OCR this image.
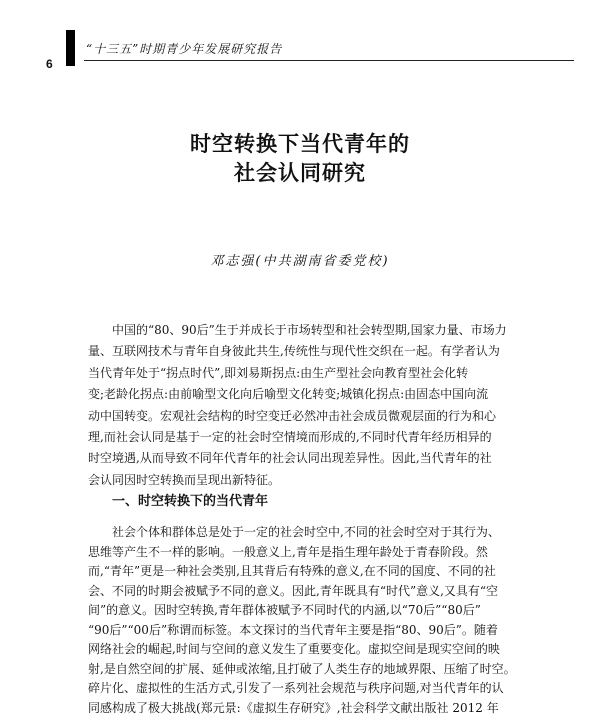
“十三五”时期青少年发展研究报告
6
时空转换下当代青年的
社会认同研究
邓志强(中共湖南省委党校)

中国的“80、90后”生于并成长于市场转型和社会转型期,国家力量、市场力
量、互联网技术与青年自身彼此共生,传统性与现代性交织在一起。有学者认为
当代青年处于“拐点时代”,即刘易斯拐点:由生产型社会向教育型社会化转
变;老龄化拐点:由前喻型文化向后喻型文化转变;城镇化拐点:由固态中国向流
动中国转变。宏观社会结构的时空变迁必然冲击社会成员微观层面的行为和心
理,而社会认同是基于一定的社会时空情境而形成的,不同时代青年经历相异的
时空境遇,从而导致不同年代青年的社会认同出现差异性。因此,当代青年的社
会认同因时空转换而呈现出新特征。

一、时空转换下的当代青年

社会个体和群体总是处于一定的社会时空中,不同的社会时空对于其行为、
思维等产生不一样的影响。一般意义上,青年是指生理年龄处于青春阶段。然
而,“青年”更是一种社会类别,且其背后有特殊的意义,在不同的国度、不同的社
会、不同的时期会被赋予不同的意义。因此,青年既具有“时代”意义,又具有“空
间”的意义。因时空转换,青年群体被赋予不同时代的内涵,以“70后”“80后”
“90后”“00后”称谓而标签。本文探讨的当代青年主要是指“80、90后”。随着
网络社会的崛起,时间与空间的意义发生了重要变化。虚拟空间是现实空间的映
射,是自然空间的扩展、延伸或浓缩,且打破了人类生存的地域界限、压缩了时空。
碎片化、虚拟性的生活方式,引发了一系列社会规范与秩序问题,对当代青年的认
同感构成了极大挑战(郑元景:《虚拟生存研究》,社会科学文献出版社 2012 年
